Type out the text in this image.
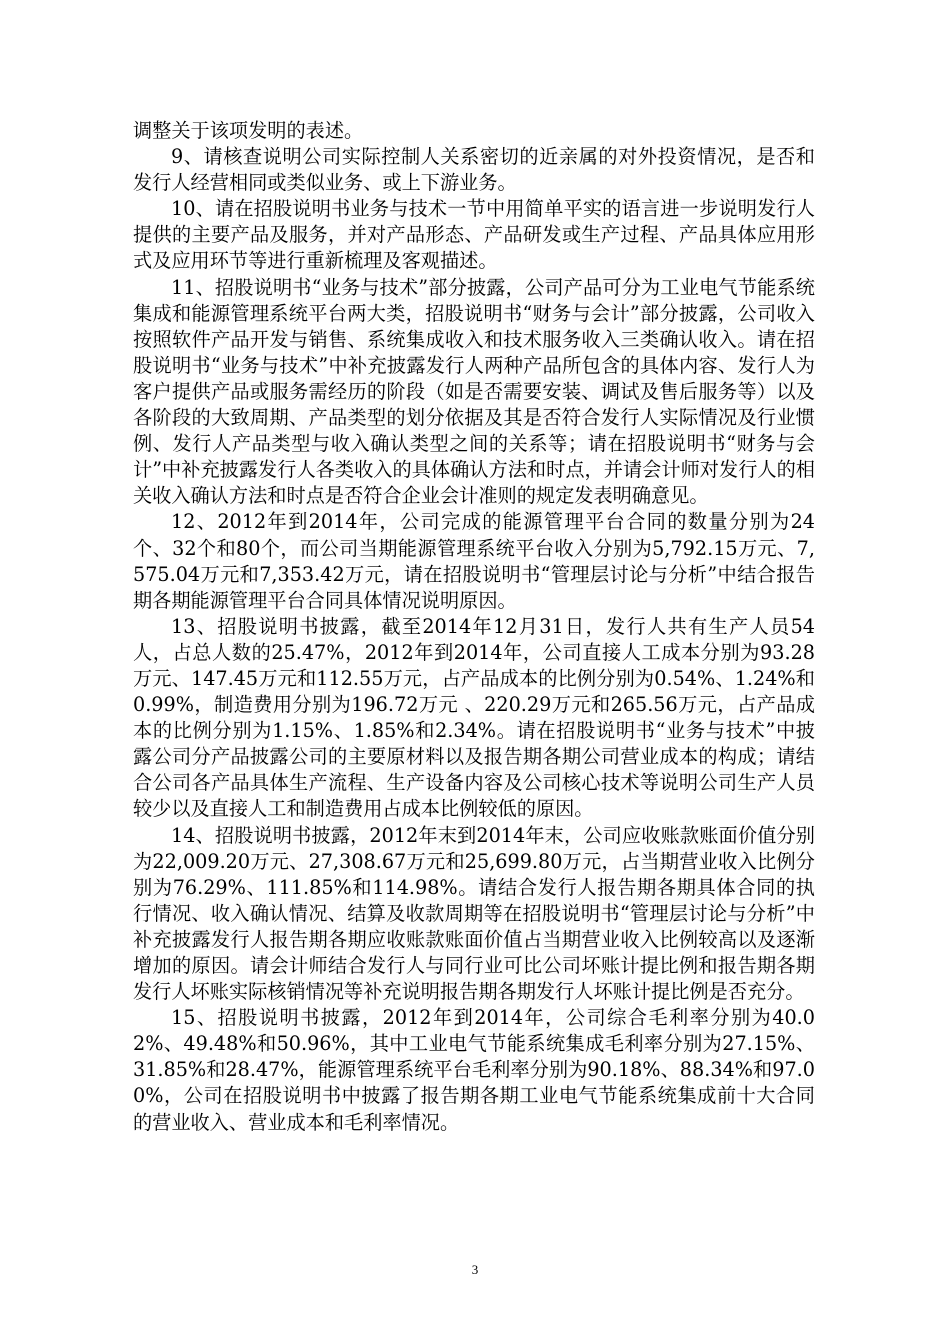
调整关于该项发明的表述。

9、请核查说明公司实际控制人关系密切的近亲属的对外投资情况，是否和发行人经营相同或类似业务、或上下游业务。

10、请在招股说明书业务与技术一节中用简单平实的语言进一步说明发行人提供的主要产品及服务，并对产品形态、产品研发或生产过程、产品具体应用形式及应用环节等进行重新梳理及客观描述。

11、招股说明书“业务与技术”部分披露，公司产品可分为工业电气节能系统集成和能源管理系统平台两大类，招股说明书“财务与会计”部分披露，公司收入按照软件产品开发与销售、系统集成收入和技术服务收入三类确认收入。请在招股说明书“业务与技术”中补充披露发行人两种产品所包含的具体内容、发行人为客户提供产品或服务需经历的阶段（如是否需要安装、调试及售后服务等）以及各阶段的大致周期、产品类型的划分依据及其是否符合发行人实际情况及行业惯例、发行人产品类型与收入确认类型之间的关系等；请在招股说明书“财务与会计”中补充披露发行人各类收入的具体确认方法和时点，并请会计师对发行人的相关收入确认方法和时点是否符合企业会计准则的规定发表明确意见。

12、2012年到2014年，公司完成的能源管理平台合同的数量分别为24个、32个和80个，而公司当期能源管理系统平台收入分别为5,792.15万元、7,575.04万元和7,353.42万元，请在招股说明书“管理层讨论与分析”中结合报告期各期能源管理平台合同具体情况说明原因。

13、招股说明书披露，截至2014年12月31日，发行人共有生产人员54人，占总人数的25.47%，2012年到2014年，公司直接人工成本分别为93.28万元、147.45万元和112.55万元，占产品成本的比例分别为0.54%、1.24%和0.99%，制造费用分别为196.72万元 、220.29万元和265.56万元，占产品成本的比例分别为1.15%、1.85%和2.34%。请在招股说明书“业务与技术”中披露公司分产品披露公司的主要原材料以及报告期各期公司营业成本的构成；请结合公司各产品具体生产流程、生产设备内容及公司核心技术等说明公司生产人员较少以及直接人工和制造费用占成本比例较低的原因。

14、招股说明书披露，2012年末到2014年末，公司应收账款账面价值分别为22,009.20万元、27,308.67万元和25,699.80万元，占当期营业收入比例分别为76.29%、111.85%和114.98%。请结合发行人报告期各期具体合同的执行情况、收入确认情况、结算及收款周期等在招股说明书“管理层讨论与分析”中补充披露发行人报告期各期应收账款账面价值占当期营业收入比例较高以及逐渐增加的原因。请会计师结合发行人与同行业可比公司坏账计提比例和报告期各期发行人坏账实际核销情况等补充说明报告期各期发行人坏账计提比例是否充分。

15、招股说明书披露，2012年到2014年，公司综合毛利率分别为40.02%、49.48%和50.96%，其中工业电气节能系统集成毛利率分别为27.15%、31.85%和28.47%，能源管理系统平台毛利率分别为90.18%、88.34%和97.00%，公司在招股说明书中披露了报告期各期工业电气节能系统集成前十大合同的营业收入、营业成本和毛利率情况。

3
